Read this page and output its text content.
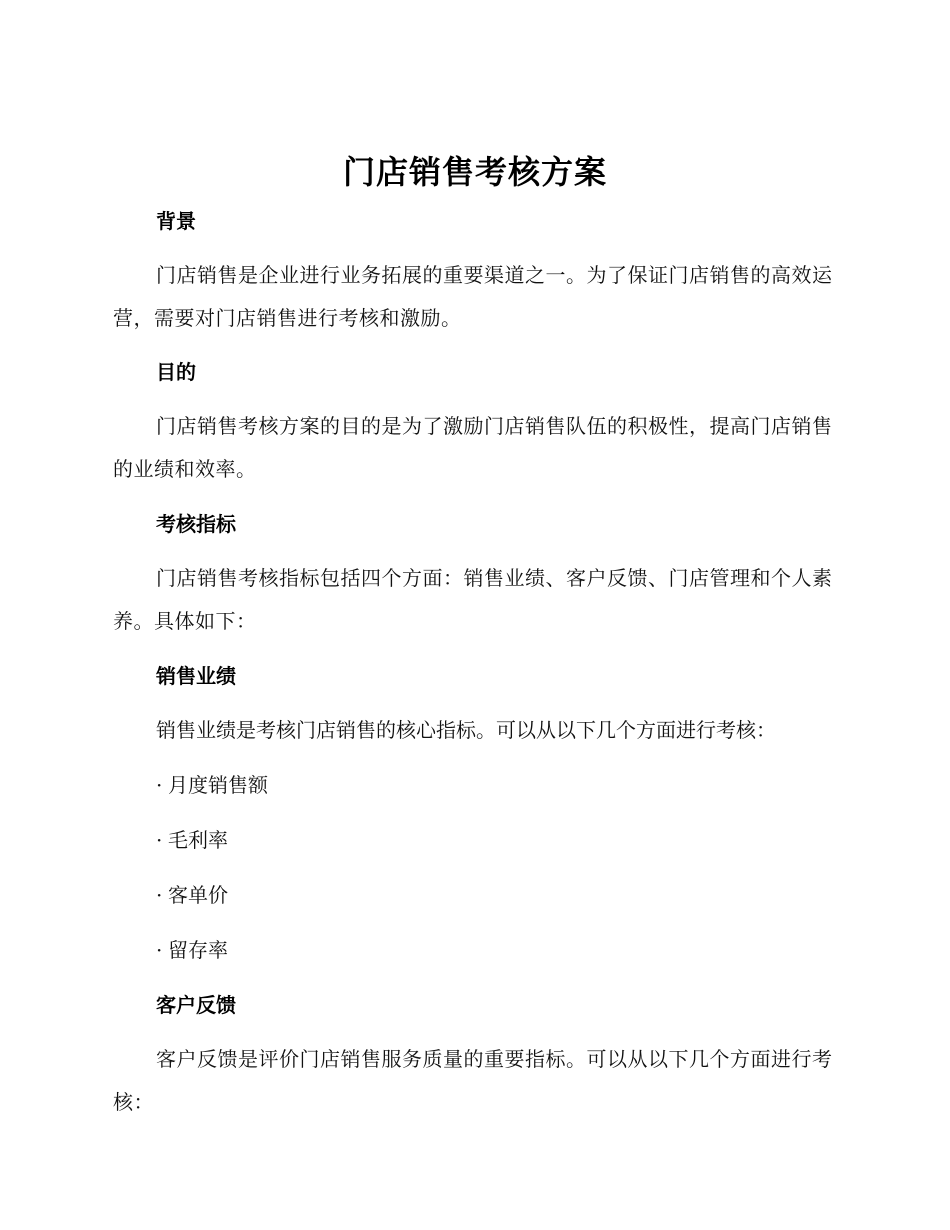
门店销售考核方案
背景
门店销售是企业进行业务拓展的重要渠道之一。为了保证门店销售的高效运营，需要对门店销售进行考核和激励。
目的
门店销售考核方案的目的是为了激励门店销售队伍的积极性，提高门店销售的业绩和效率。
考核指标
门店销售考核指标包括四个方面：销售业绩、客户反馈、门店管理和个人素养。具体如下：
销售业绩
销售业绩是考核门店销售的核心指标。可以从以下几个方面进行考核：
· 月度销售额
· 毛利率
· 客单价
· 留存率
客户反馈
客户反馈是评价门店销售服务质量的重要指标。可以从以下几个方面进行考核：
